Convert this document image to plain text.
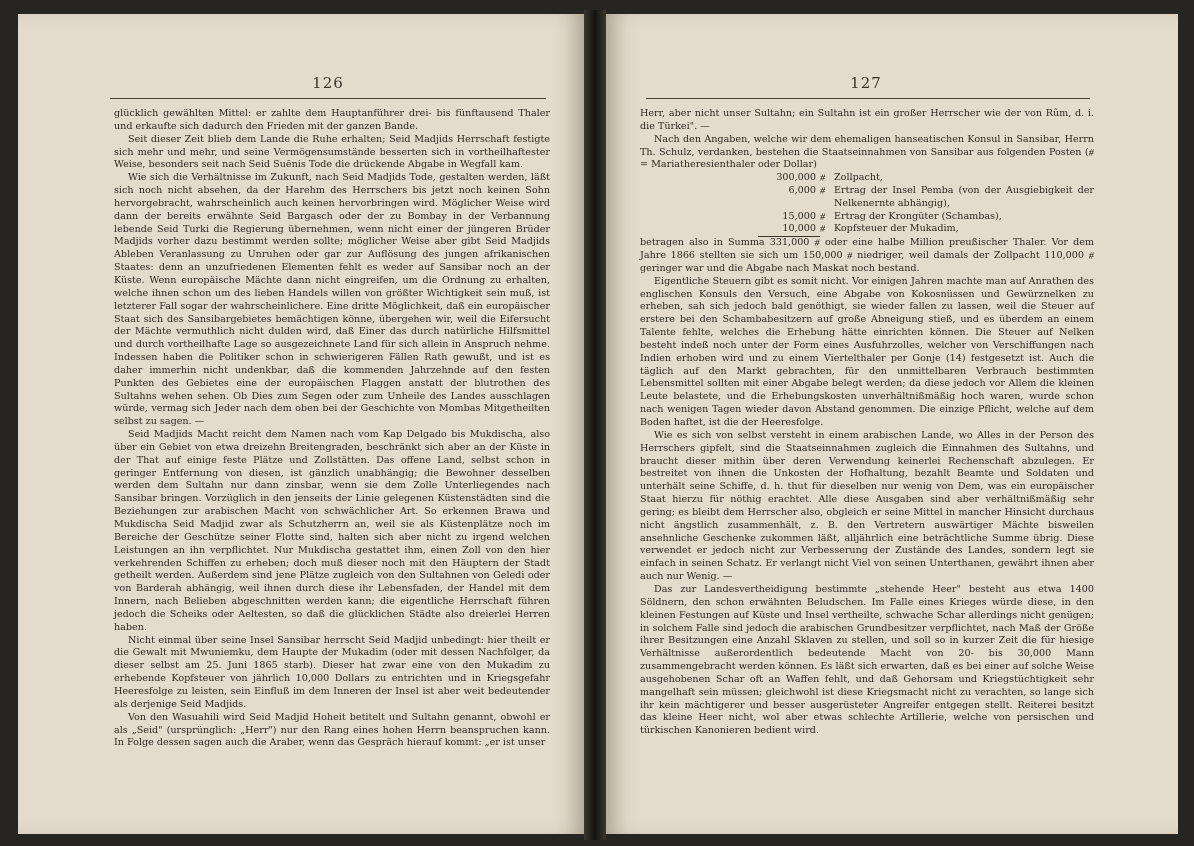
126

glücklich gewählten Mittel: er zahlte dem Hauptanführer drei- bis fünftausend Thaler und erkaufte sich dadurch den Frieden mit der ganzen Bande.

Seit dieser Zeit blieb dem Lande die Ruhe erhalten; Seid Madjids Herrschaft festigte sich mehr und mehr, und seine Vermögensumstände besserten sich in vortheilhaftester Weise, besonders seit nach Seid Suēnis Tode die drückende Abgabe in Wegfall kam.

Wie sich die Verhältnisse im Zukunft, nach Seid Madjids Tode, gestalten werden, läßt sich noch nicht absehen, da der Harehm des Herrschers bis jetzt noch keinen Sohn hervorgebracht, wahrscheinlich auch keinen hervorbringen wird. Möglicher Weise wird dann der bereits erwähnte Seid Bargasch oder der zu Bombay in der Verbannung lebende Seid Turki die Regierung übernehmen, wenn nicht einer der jüngeren Brüder Madjids vorher dazu bestimmt werden sollte; möglicher Weise aber gibt Seid Madjids Ableben Veranlassung zu Unruhen oder gar zur Auflösung des jungen afrikanischen Staates: denn an unzufriedenen Elementen fehlt es weder auf Sansibar noch an der Küste. Wenn europäische Mächte dann nicht eingreifen, um die Ordnung zu erhalten, welche ihnen schon um des lieben Handels willen von größter Wichtigkeit sein muß, ist letzterer Fall sogar der wahrscheinlichere. Eine dritte Möglichkeit, daß ein europäischer Staat sich des Sansibargebietes bemächtigen könne, übergehen wir, weil die Eifersucht der Mächte vermuthlich nicht dulden wird, daß Einer das durch natürliche Hilfsmittel und durch vortheilhafte Lage so ausgezeichnete Land für sich allein in Anspruch nehme. Indessen haben die Politiker schon in schwierigeren Fällen Rath gewußt, und ist es daher immerhin nicht undenkbar, daß die kommenden Jahrzehnde auf den festen Punkten des Gebietes eine der europäischen Flaggen anstatt der blutrothen des Sultahns wehen sehen. Ob Dies zum Segen oder zum Unheile des Landes ausschlagen würde, vermag sich Jeder nach dem oben bei der Geschichte von Mombas Mitgetheilten selbst zu sagen. —

Seid Madjids Macht reicht dem Namen nach vom Kap Delgado bis Mukdischa, also über ein Gebiet von etwa dreizehn Breitengraden, beschränkt sich aber an der Küste in der That auf einige feste Plätze und Zollstätten. Das offene Land, selbst schon in geringer Entfernung von diesen, ist gänzlich unabhängig; die Bewohner desselben werden dem Sultahn nur dann zinsbar, wenn sie dem Zolle Unterliegendes nach Sansibar bringen. Vorzüglich in den jenseits der Linie gelegenen Küstenstädten sind die Beziehungen zur arabischen Macht von schwächlicher Art. So erkennen Brawa und Mukdischa Seid Madjid zwar als Schutzherrn an, weil sie als Küstenplätze noch im Bereiche der Geschütze seiner Flotte sind, halten sich aber nicht zu irgend welchen Leistungen an ihn verpflichtet. Nur Mukdischa gestattet ihm, einen Zoll von den hier verkehrenden Schiffen zu erheben; doch muß dieser noch mit den Häuptern der Stadt getheilt werden. Außerdem sind jene Plätze zugleich von den Sultahnen von Geledi oder von Barderah abhängig, weil ihnen durch diese ihr Lebensfaden, der Handel mit dem Innern, nach Belieben abgeschnitten werden kann; die eigentliche Herrschaft führen jedoch die Scheiks oder Aeltesten, so daß die glücklichen Städte also dreierlei Herren haben.

Nicht einmal über seine Insel Sansibar herrscht Seid Madjid unbedingt: hier theilt er die Gewalt mit Mwuniemku, dem Haupte der Mukadim (oder mit dessen Nachfolger, da dieser selbst am 25. Juni 1865 starb). Dieser hat zwar eine von den Mukadim zu erhebende Kopfsteuer von jährlich 10,000 Dollars zu entrichten und in Kriegsgefahr Heeresfolge zu leisten, sein Einfluß im dem Inneren der Insel ist aber weit bedeutender als derjenige Seid Madjids.

Von den Wasuahili wird Seid Madjid Hoheit betitelt und Sultahn genannt, obwohl er als „Seid" (ursprünglich: „Herr") nur den Rang eines hohen Herrn beanspruchen kann. In Folge dessen sagen auch die Araber, wenn das Gespräch hierauf kommt: „er ist unser

127

Herr, aber nicht unser Sultahn; ein Sultahn ist ein großer Herrscher wie der von Rûm, d. i. die Türkei". —

Nach den Angaben, welche wir dem ehemaligen hanseatischen Konsul in Sansibar, Herrn Th. Schulz, verdanken, bestehen die Staatseinnahmen von Sansibar aus folgenden Posten (⧣ = Mariatheresienthaler oder Dollar)

300,000	⧣	Zollpacht,
6,000	⧣	Ertrag der Insel Pemba (von der Ausgiebigkeit der Nelkenernte abhängig),
15,000	⧣	Ertrag der Krongüter (Schambas),
10,000	⧣	Kopfsteuer der Mukadim,

betragen also in Summa 331,000 ⧣ oder eine halbe Million preußischer Thaler. Vor dem Jahre 1866 stellten sie sich um 150,000 ⧣ niedriger, weil damals der Zollpacht 110,000 ⧣ geringer war und die Abgabe nach Maskat noch bestand.

Eigentliche Steuern gibt es somit nicht. Vor einigen Jahren machte man auf Anrathen des englischen Konsuls den Versuch, eine Abgabe von Kokosnüssen und Gewürznelken zu erheben, sah sich jedoch bald genöthigt, sie wieder fallen zu lassen, weil die Steuer auf erstere bei den Schambabesitzern auf große Abneigung stieß, und es überdem an einem Talente fehlte, welches die Erhebung hätte einrichten können. Die Steuer auf Nelken besteht indeß noch unter der Form eines Ausfuhrzolles, welcher von Verschiffungen nach Indien erhoben wird und zu einem Viertelthaler per Gonje (14) festgesetzt ist. Auch die täglich auf den Markt gebrachten, für den unmittelbaren Verbrauch bestimmten Lebensmittel sollten mit einer Abgabe belegt werden; da diese jedoch vor Allem die kleinen Leute belastete, und die Erhebungskosten unverhältnißmäßig hoch waren, wurde schon nach wenigen Tagen wieder davon Abstand genommen. Die einzige Pflicht, welche auf dem Boden haftet, ist die der Heeresfolge.

Wie es sich von selbst versteht in einem arabischen Lande, wo Alles in der Person des Herrschers gipfelt, sind die Staatseinnahmen zugleich die Einnahmen des Sultahns, und braucht dieser mithin über deren Verwendung keinerlei Rechenschaft abzulegen. Er bestreitet von ihnen die Unkosten der Hofhaltung, bezahlt Beamte und Soldaten und unterhält seine Schiffe, d. h. thut für dieselben nur wenig von Dem, was ein europäischer Staat hierzu für nöthig erachtet. Alle diese Ausgaben sind aber verhältnißmäßig sehr gering; es bleibt dem Herrscher also, obgleich er seine Mittel in mancher Hinsicht durchaus nicht ängstlich zusammenhält, z. B. den Vertretern auswärtiger Mächte bisweilen ansehnliche Geschenke zukommen läßt, alljährlich eine beträchtliche Summe übrig. Diese verwendet er jedoch nicht zur Verbesserung der Zustände des Landes, sondern legt sie einfach in seinen Schatz. Er verlangt nicht Viel von seinen Unterthanen, gewährt ihnen aber auch nur Wenig. —

Das zur Landesvertheidigung bestimmte „stehende Heer" besteht aus etwa 1400 Söldnern, den schon erwähnten Beludschen. Im Falle eines Krieges würde diese, in den kleinen Festungen auf Küste und Insel vertheilte, schwache Schar allerdings nicht genügen; in solchem Falle sind jedoch die arabischen Grundbesitzer verpflichtet, nach Maß der Größe ihrer Besitzungen eine Anzahl Sklaven zu stellen, und soll so in kurzer Zeit die für hiesige Verhältnisse außerordentlich bedeutende Macht von 20- bis 30,000 Mann zusammengebracht werden können. Es läßt sich erwarten, daß es bei einer auf solche Weise ausgehobenen Schar oft an Waffen fehlt, und daß Gehorsam und Kriegstüchtigkeit sehr mangelhaft sein müssen; gleichwohl ist diese Kriegsmacht nicht zu verachten, so lange sich ihr kein mächtigerer und besser ausgerüsteter Angreifer entgegen stellt. Reiterei besitzt das kleine Heer nicht, wol aber etwas schlechte Artillerie, welche von persischen und türkischen Kanonieren bedient wird.
